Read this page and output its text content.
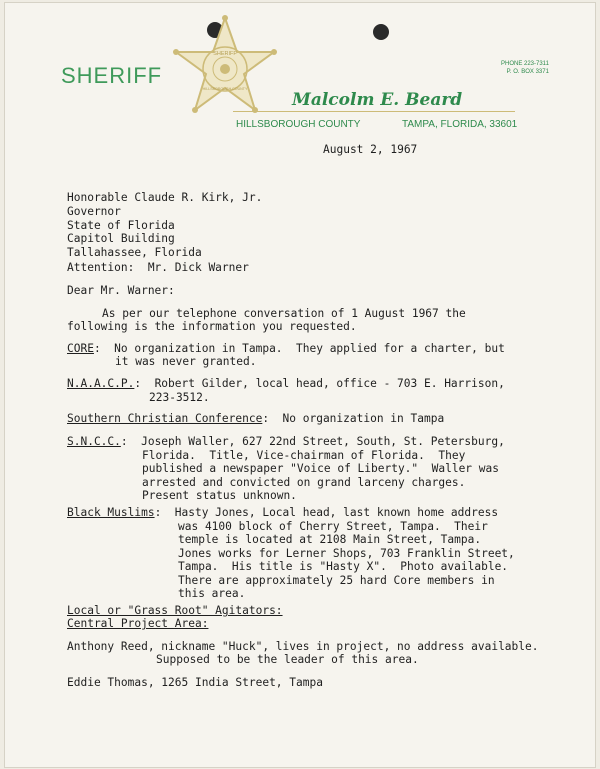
SHERIFF
SHERIFF
HILLSBOROUGH COUNTY
PHONE 223-7311
P. O. BOX 3371
Malcolm E. Beard
HILLSBOROUGH COUNTY	TAMPA, FLORIDA, 33601
August 2, 1967
Honorable Claude R. Kirk, Jr.
Governor
State of Florida
Capitol Building
Tallahassee, Florida
Attention:  Mr. Dick Warner
Dear Mr. Warner:
As per our telephone conversation of 1 August 1967 the
following is the information you requested.
CORE:  No organization in Tampa.  They applied for a charter, but
it was never granted.
N.A.A.C.P.:  Robert Gilder, local head, office - 703 E. Harrison,
223-3512.
Southern Christian Conference:  No organization in Tampa
S.N.C.C.:  Joseph Waller, 627 22nd Street, South, St. Petersburg,
Florida.  Title, Vice-chairman of Florida.  They
published a newspaper "Voice of Liberty."  Waller was
arrested and convicted on grand larceny charges.
Present status unknown.
Black Muslims:  Hasty Jones, Local head, last known home address
was 4100 block of Cherry Street, Tampa.  Their
temple is located at 2108 Main Street, Tampa.
Jones works for Lerner Shops, 703 Franklin Street,
Tampa.  His title is "Hasty X".  Photo available.
There are approximately 25 hard Core members in
this area.
Local or "Grass Root" Agitators:
Central Project Area:
Anthony Reed, nickname "Huck", lives in project, no address available.
Supposed to be the leader of this area.
Eddie Thomas, 1265 India Street, Tampa
